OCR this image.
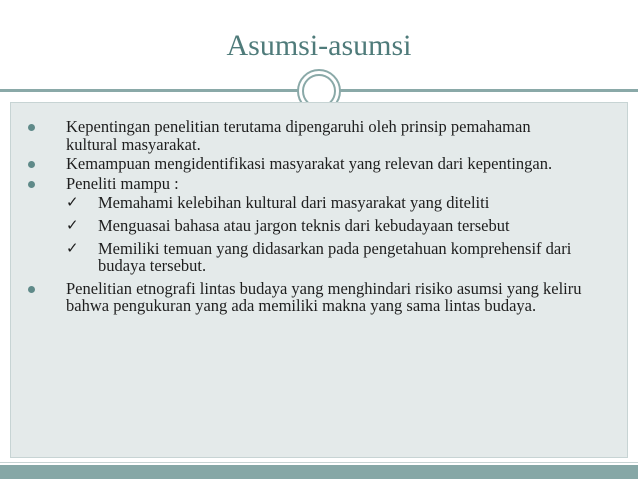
Asumsi-asumsi
Kepentingan penelitian terutama dipengaruhi oleh prinsip pemahaman kultural masyarakat.
Kemampuan mengidentifikasi masyarakat yang relevan dari kepentingan.
Peneliti mampu :
✓ Memahami kelebihan kultural dari masyarakat yang diteliti
✓ Menguasai bahasa atau jargon teknis dari kebudayaan tersebut
✓ Memiliki temuan yang didasarkan pada pengetahuan komprehensif dari budaya tersebut.
Penelitian etnografi lintas budaya yang menghindari risiko asumsi yang keliru bahwa pengukuran yang ada memiliki makna yang sama lintas budaya.
